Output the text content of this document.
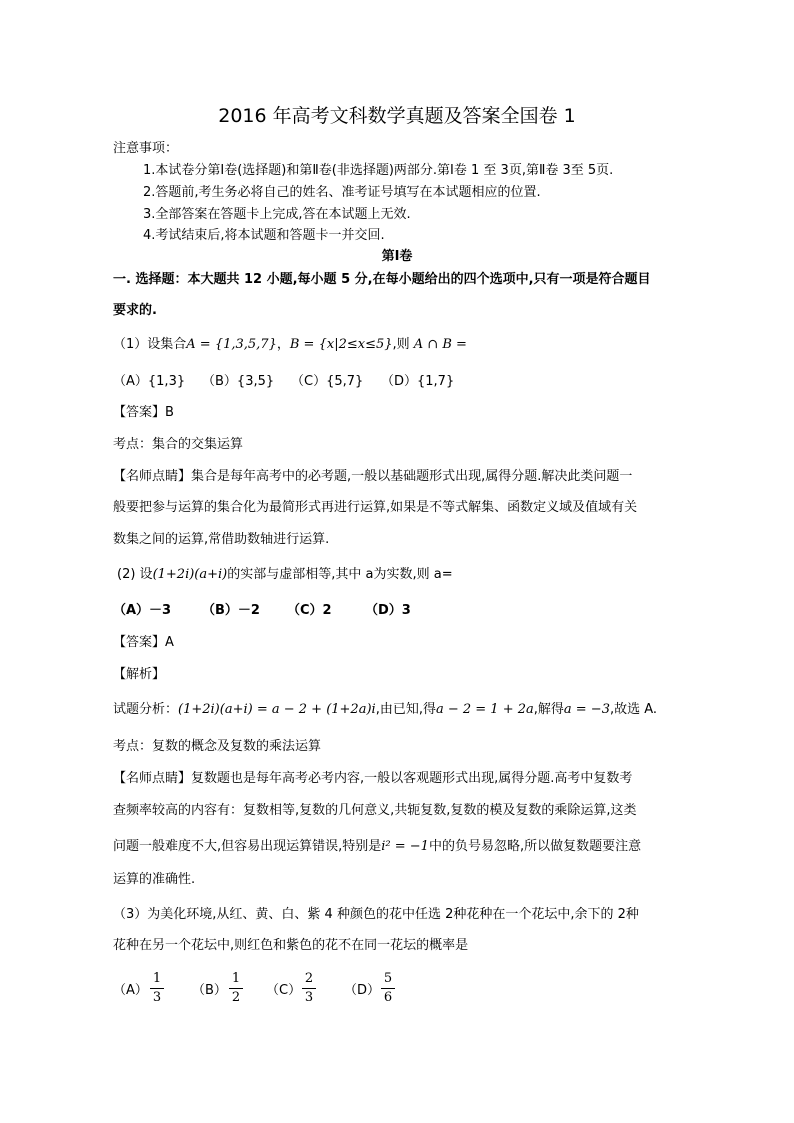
2016 年高考文科数学真题及答案全国卷 1
注意事项：
1.本试卷分第Ⅰ卷(选择题)和第Ⅱ卷(非选择题)两部分.第Ⅰ卷 1 至 3页,第Ⅱ卷 3至 5页.
2.答题前,考生务必将自己的姓名、准考证号填写在本试题相应的位置.
3.全部答案在答题卡上完成,答在本试题上无效.
4.考试结束后,将本试题和答题卡一并交回.
第Ⅰ卷
一. 选择题：本大题共 12 小题,每小题 5 分,在每小题给出的四个选项中,只有一项是符合题目
要求的.
（1）设集合A = {1,3,5,7}，B = {x|2≤x≤5},则 A ∩ B =
（A）{1,3} （B）{3,5} （C）{5,7} （D）{1,7}
【答案】B
考点：集合的交集运算
【名师点睛】集合是每年高考中的必考题,一般以基础题形式出现,属得分题.解决此类问题一
般要把参与运算的集合化为最简形式再进行运算,如果是不等式解集、函数定义域及值域有关
数集之间的运算,常借助数轴进行运算.
(2) 设(1+2i)(a+i)的实部与虚部相等,其中 a为实数,则 a=
（A）－3 （B）－2 （C）2	（D）3
【答案】A
【解析】
试题分析：(1+2i)(a+i) = a − 2 + (1+2a)i,由已知,得a − 2 = 1 + 2a,解得a = −3,故选 A.
考点：复数的概念及复数的乘法运算
【名师点睛】复数题也是每年高考必考内容,一般以客观题形式出现,属得分题.高考中复数考
查频率较高的内容有：复数相等,复数的几何意义,共轭复数,复数的模及复数的乘除运算,这类
问题一般难度不大,但容易出现运算错误,特别是i² = −1中的负号易忽略,所以做复数题要注意
运算的准确性.
（3）为美化环境,从红、黄、白、紫 4 种颜色的花中任选 2种花种在一个花坛中,余下的 2种
花种在另一个花坛中,则红色和紫色的花不在同一花坛的概率是
（A）
1
3 （B）
1
2 （C）
2
3 （D）
5
6
